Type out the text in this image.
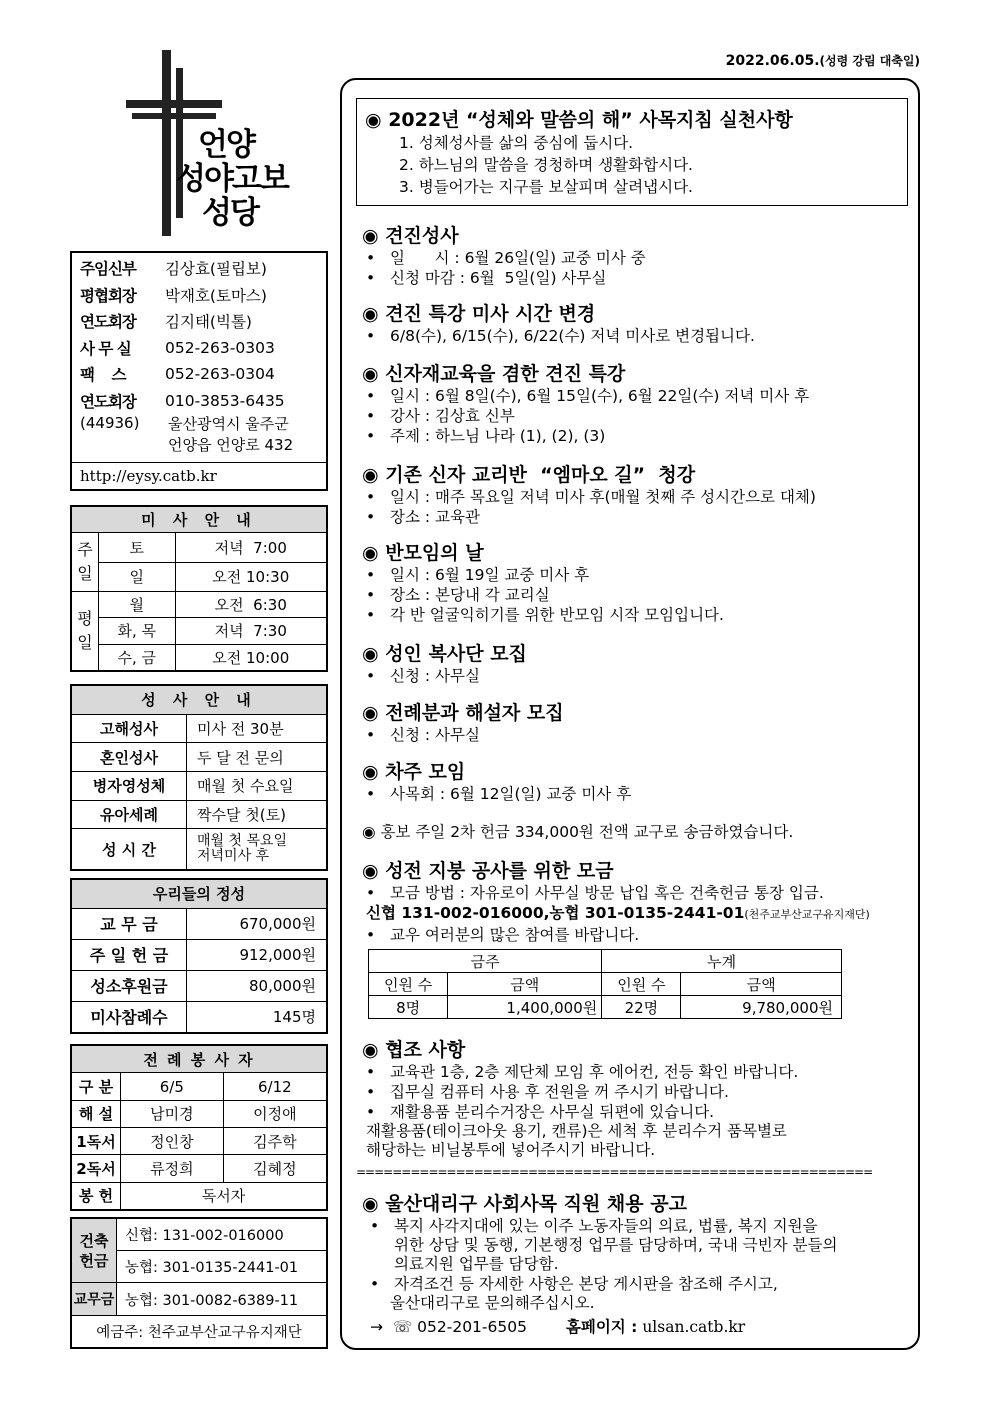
2022.06.05.(성령 강림 대축일)
언양
성야고보
성당
주임신부	김상효(필립보)
평협회장	박재호(토마스)
연도회장	김지태(빅톨)
사 무 실	052-263-0303
팩    스	052-263-0304
연도회장	010-3853-6435
(44936)	울산광역시 울주군
언양읍 언양로 432
http://eysy.catb.kr
미 사 안 내		
주일	토	저녁  7:00
	일	오전 10:30
평일	월	오전  6:30
	화, 목	저녁  7:30
	수, 금	오전 10:00
성 사 안 내	
고해성사	미사 전 30분
혼인성사	두 달 전 문의
병자영성체	매월 첫 수요일
유아세례	짝수달 첫(토)
성 시 간	매월 첫 목요일
저녁미사 후
우리들의 정성	
교 무 금	670,000원
주 일 헌 금	912,000원
성소후원금	80,000원
미사참례수	145명
전 례 봉 사 자		
구 분	6/5	6/12
해 설	남미경	이정애
1독서	정인창	김주학
2독서	류정희	김혜정
봉 헌	독서자	
건축
헌금	신협: 131-002-016000
	농협: 301-0135-2441-01
교무금	농협: 301-0082-6389-11
예금주: 천주교부산교구유지재단	
◉ 2022년 “성체와 말씀의 해” 사목지침 실천사항
1. 성체성사를 삶의 중심에 둡시다.
2. 하느님의 말씀을 경청하며 생활화합시다.
3. 병들어가는 지구를 보살피며 살려냅시다.
◉ 견진성사
• 일      시 : 6월 26일(일) 교중 미사 중
• 신청 마감 : 6월  5일(일) 사무실
◉ 견진 특강 미사 시간 변경
• 6/8(수), 6/15(수), 6/22(수) 저녁 미사로 변경됩니다.
◉ 신자재교육을 겸한 견진 특강
• 일시 : 6월 8일(수), 6월 15일(수), 6월 22일(수) 저녁 미사 후
• 강사 : 김상효 신부
• 주제 : 하느님 나라 (1), (2), (3)
◉ 기존 신자 교리반  “엠마오 길”  청강
• 일시 : 매주 목요일 저녁 미사 후(매월 첫째 주 성시간으로 대체)
• 장소 : 교육관
◉ 반모임의 날
• 일시 : 6월 19일 교중 미사 후
• 장소 : 본당내 각 교리실
• 각 반 얼굴익히기를 위한 반모임 시작 모임입니다.
◉ 성인 복사단 모집
• 신청 : 사무실
◉ 전례분과 해설자 모집
• 신청 : 사무실
◉ 차주 모임
• 사목회 : 6월 12일(일) 교중 미사 후
◉ 홍보 주일 2차 헌금 334,000원 전액 교구로 송금하였습니다.
◉ 성전 지붕 공사를 위한 모금
• 모금 방법 : 자유로이 사무실 방문 납입 혹은 건축헌금 통장 입금.
신협 131-002-016000,농협 301-0135-2441-01(천주교부산교구유지재단)
• 교우 여러분의 많은 참여를 바랍니다.
금주		누계	
인원 수	금액	인원 수	금액
8명	1,400,000원	22명	9,780,000원
◉ 협조 사항
• 교육관 1층, 2층 제단체 모임 후 에어컨, 전등 확인 바랍니다.
• 집무실 컴퓨터 사용 후 전원을 꺼 주시기 바랍니다.
• 재활용품 분리수거장은 사무실 뒤편에 있습니다.
재활용품(테이크아웃 용기, 캔류)은 세척 후 분리수거 품목별로
해당하는 비닐봉투에 넣어주시기 바랍니다.
=========================================================
◉ 울산대리구 사회사목 직원 채용 공고
• 복지 사각지대에 있는 이주 노동자들의 의료, 법률, 복지 지원을
위한 상담 및 동행, 기본행정 업무를 담당하며, 국내 극빈자 분들의
의료지원 업무를 담당함.
• 자격조건 등 자세한 사항은 본당 게시판을 참조해 주시고,
울산대리구로 문의해주십시오.
→  ☏ 052-201-6505	홈페이지 : ulsan.catb.kr
